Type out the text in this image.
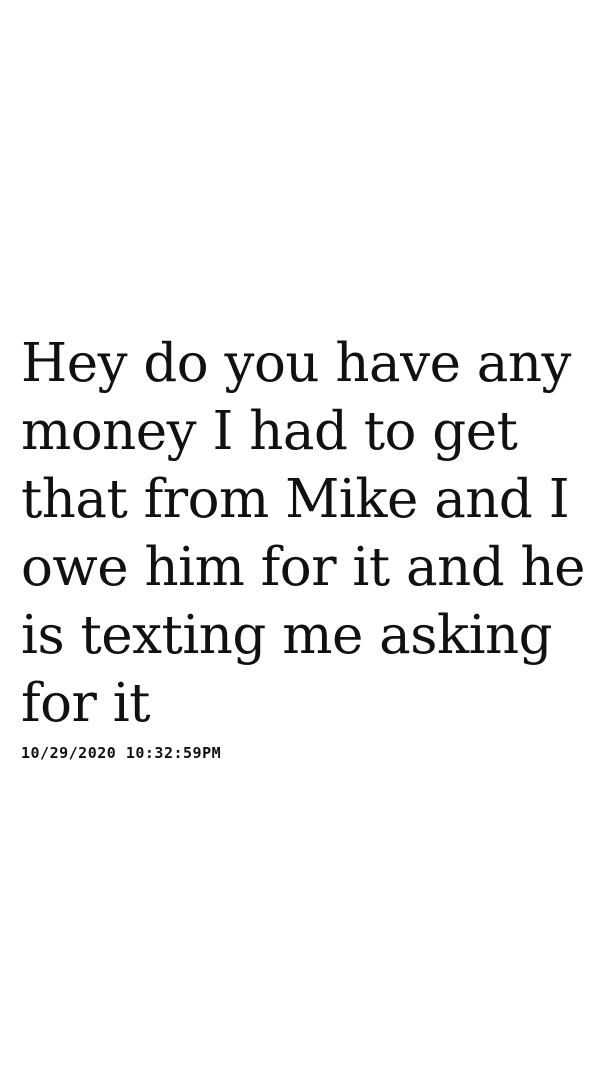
Hey do you have any
money I had to get
that from Mike and I
owe him for it and he
is texting me asking
for it

10/29/2020 10:32:59PM
